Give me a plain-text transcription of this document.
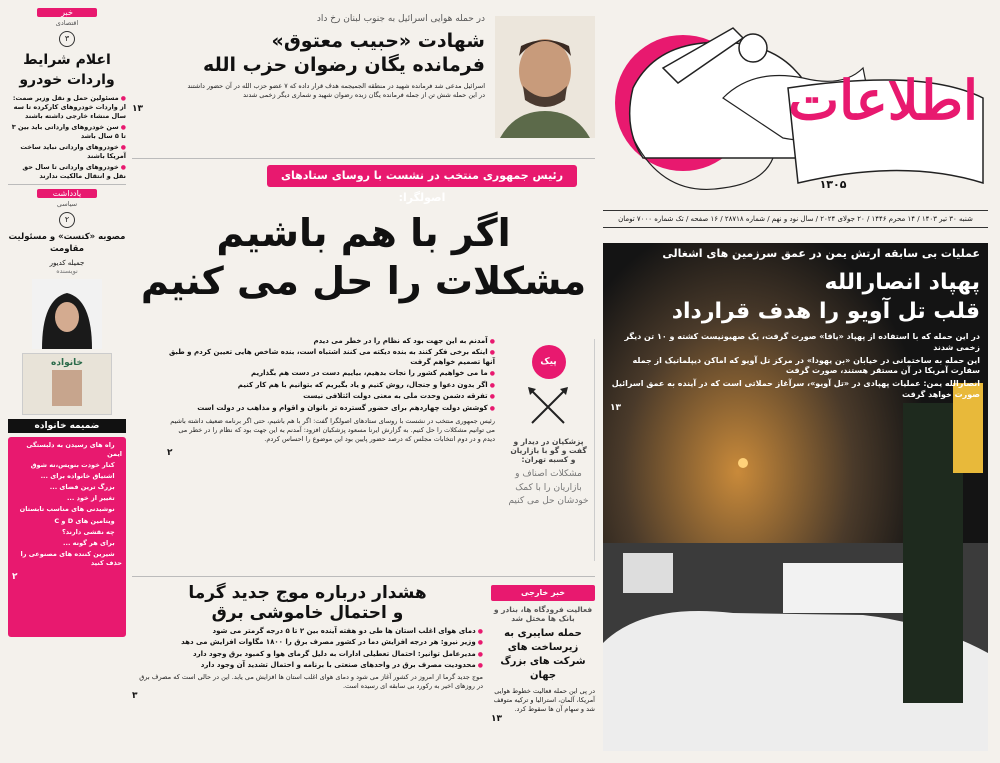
اطلاعات
۱۳۰۵
شنبه ۳۰ تیر ۱۴۰۳ / ۱۴ محرم ۱۴۴۶ / ۲۰ جولای ۲۰۲۴ / سال نود و نهم / شماره ۲۸۷۱۸ / ۱۶ صفحه / تک شماره ۷۰۰۰ تومان
عملیات بی سابقه ارتش یمن در عمق سرزمین های اشغالی
پهپاد انصارالله
قلب تل آویو را هدف قرارداد

در این حمله که با استفاده از پهپاد «یافا» صورت گرفت، یک صهیونیست کشته و ۱۰ تن دیگر زخمی شدند

این حمله به ساختمانی در خیابان «بن یهودا» در مرکز تل آویو که اماکن دیپلماتیک از جمله سفارت آمریکا در آن مستقر هستند، صورت گرفت

انصارالله یمن: عملیات پهپادی در «تل آویو»، سرآغاز حملاتی است که در آینده به عمق اسرائیل صورت خواهد گرفت

۱۳
در حمله هوایی اسرائیل به جنوب لبنان رخ داد
شهادت «حبیب معتوق»
فرمانده یگان رضوان حزب الله

اسرائیل مدعی شد فرمانده شهید در منطقه الجمیجمه هدف قرار داده که ۷ عضو حزب الله در آن حضور داشتند

در این حمله شش تن از جمله فرمانده یگان زبده رضوان شهید و شماری دیگر زخمی شدند

۱۳
رئیس جمهوری منتخب در نشست با روسای ستادهای اصولگرا:
اگر با هم باشیم
مشکلات را حل می کنیم
● آمدنم به این جهت بود که نظام را در خطر می دیدم
● اینکه برخی فکر کنند به بنده دیکته می کنند اشتباه است، بنده شاخص هایی تعیین کردم و طبق آنها تصمیم خواهم گرفت
● ما می خواهیم کشور را نجات بدهیم، بیاییم دست در دست هم بگذاریم
● اگر بدون دعوا و جنجال، روش کنیم و یاد بگیریم که بتوانیم با هم کار کنیم
● تفرقه دشمن وحدت ملی به معنی دولت ائتلافی نیست
● کوشش دولت چهاردهم برای حضور گسترده تر بانوان و اقوام و مذاهب در دولت است

رئیس جمهوری منتخب در نشست با روسای ستادهای اصولگرا گفت: اگر با هم باشیم، حتی اگر برنامه ضعیف داشته باشیم می توانیم مشکلات را حل کنیم. به گزارش ایرنا مسعود پزشکیان افزود: آمدنم به این جهت بود که نظام را در خطر می دیدم و در دوم انتخابات مجلس که درصد حضور پایین بود این موضوع را احساس کردم.

۲
پیک
پزشکیان در دیدار و گفت و گو با بازاریان و کسبه تهران:
مشکلات اصناف و بازاریان را با کمک خودشان حل می کنیم
هشدار درباره موج جدید گرما
و احتمال خاموشی برق
● دمای هوای اغلب استان ها طی دو هفته آینده بین ۲ تا ۵ درجه گرمتر می شود
● وزیر نیرو: هر درجه افزایش دما در کشور مصرف برق را ۱۸۰۰ مگاوات افزایش می دهد
● مدیرعامل توانیر: احتمال تعطیلی ادارات به دلیل گرمای هوا و کمبود برق وجود دارد
● محدودیت مصرف برق در واحدهای صنعتی با برنامه و احتمال تشدید آن وجود دارد

موج جدید گرما از امروز در کشور آغاز می شود و دمای هوای اغلب استان ها افزایش می یابد. این در حالی است که مصرف برق در روزهای اخیر به رکورد بی سابقه ای رسیده است.

۳
خبر خارجی
فعالیت فرودگاه ها، بنادر و بانک ها مختل شد
حمله سایبری به زیرساخت های شرکت های بزرگ جهان

در پی این حمله فعالیت خطوط هوایی آمریکا، آلمان، استرالیا و ترکیه متوقف شد و سهام آن ها سقوط کرد.

۱۳
خبر
اقتصادی
۳
اعلام شرایط واردات خودرو
● مسئولین حمل و نقل وزیر صمت: از واردات خودروهای کارکرده تا سه سال منشاء خارجی داشته باشند
● سن خودروهای وارداتی باید بین ۳ تا ۵ سال باشد
● خودروهای وارداتی نباید ساخت آمریکا باشند
● خودروهای وارداتی تا سال حق نقل و انتقال مالکیت ندارند
یادداشت
سیاسی
۲
مصوبه «کنست» و مسئولیت مقاومت
جمیله کدیور
نویسنده
خانواده
ضمیمه خانواده
● راه های رسیدن به دلبستگی ایمن
● کنار خودت بنویس،نه شوق
● اشتیاق خانواده برای ...
● بزرگ ترین فضای ...
● تغییر از خود ...
● نوشیدنی های مناسب تابستان
● ویتامین های D و C
● چه نقشی دارند؟
● برای هر گونه ...
● شیرین کننده های مصنوعی را حذف کنید
۲
